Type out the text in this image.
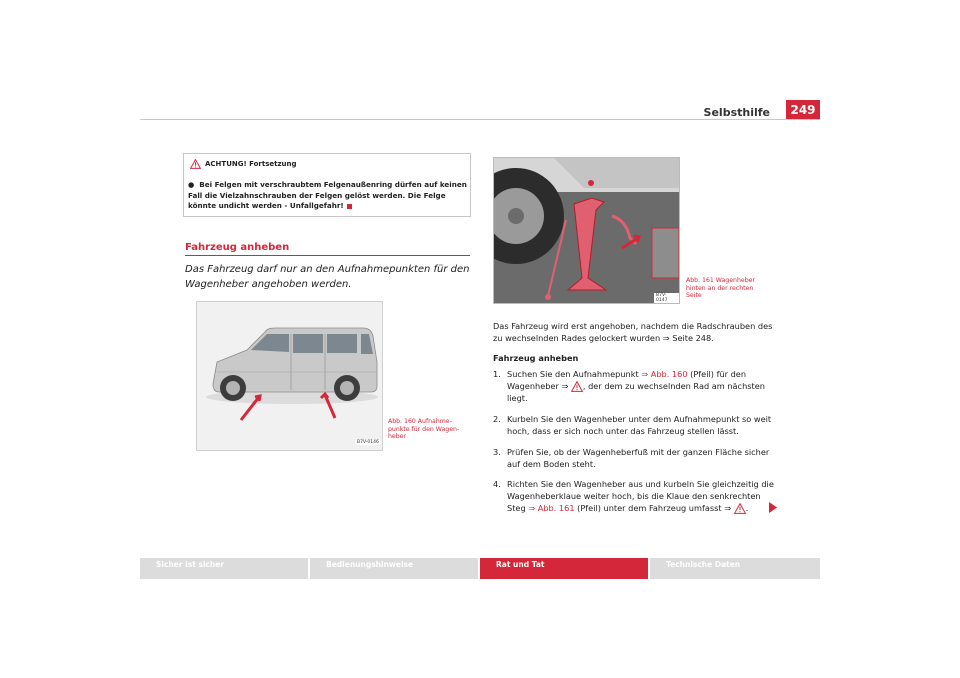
Selbsthilfe	249
ACHTUNG! Fortsetzung
●  Bei Felgen mit verschraubtem Felgenaußenring dürfen auf keinen Fall die Vielzahnschrauben der Felgen gelöst werden. Die Felge könnte undicht werden - Unfallgefahr!
Fahrzeug anheben
Das Fahrzeug darf nur an den Aufnahmepunkten für den Wagenheber angehoben werden.
B7V-0146
Abb. 160 Aufnahme-punkte für den Wagen-heber
B7V-0147
Abb. 161 Wagenheber hinten an der rechten Seite
Das Fahrzeug wird erst angehoben, nachdem die Radschrauben des zu wechselnden Rades gelockert wurden ⇒ Seite 248.
Fahrzeug anheben
1. Suchen Sie den Aufnahmepunkt ⇒ Abb. 160 (Pfeil) für den Wagenheber ⇒ , der dem zu wechselnden Rad am nächsten liegt.
2. Kurbeln Sie den Wagenheber unter dem Aufnahmepunkt so weit hoch, dass er sich noch unter das Fahrzeug stellen lässt.
3. Prüfen Sie, ob der Wagenheberfuß mit der ganzen Fläche sicher auf dem Boden steht.
4. Richten Sie den Wagenheber aus und kurbeln Sie gleichzeitig die Wagenheberklaue weiter hoch, bis die Klaue den senkrechten Steg ⇒ Abb. 161 (Pfeil) unter dem Fahrzeug umfasst ⇒ .
Sicher ist sicher	Bedienungshinweise	Rat und Tat	Technische Daten
